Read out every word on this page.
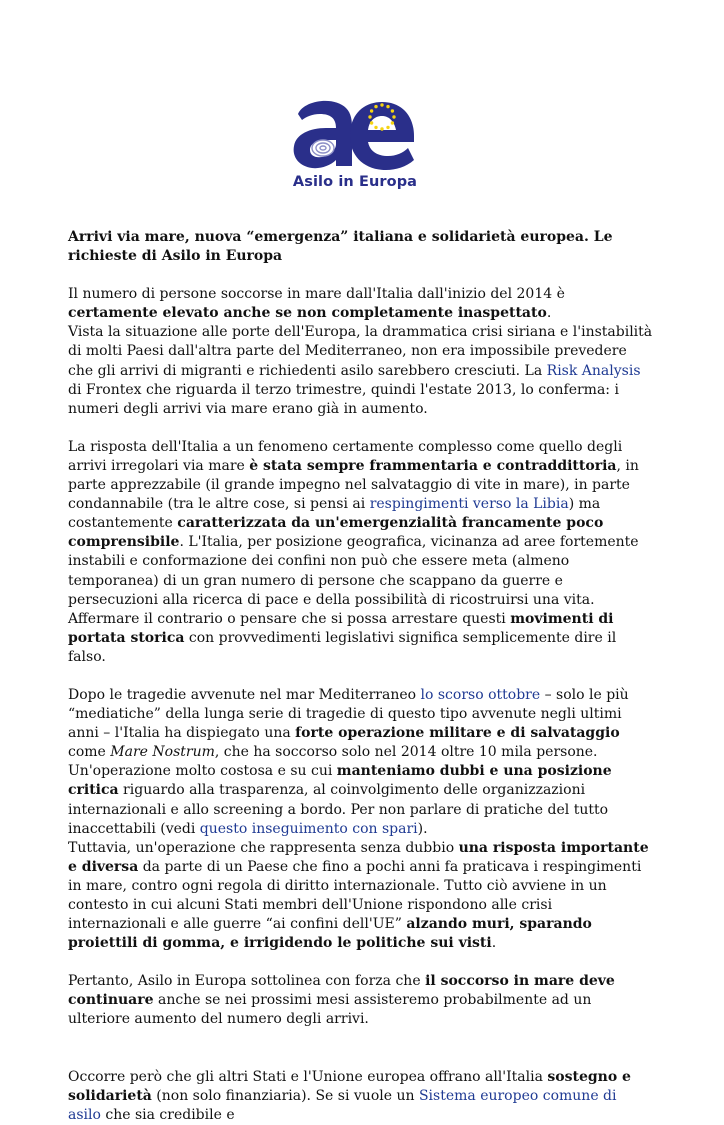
Asilo in Europa

Arrivi via mare, nuova “emergenza” italiana e solidarietà europea. Le richieste di Asilo in Europa

Il numero di persone soccorse in mare dall'Italia dall'inizio del 2014 è certamente elevato anche se non completamente inaspettato.

Vista la situazione alle porte dell'Europa, la drammatica crisi siriana e l'instabilità di molti Paesi dall'altra parte del Mediterraneo, non era impossibile prevedere che gli arrivi di migranti e richiedenti asilo sarebbero cresciuti. La Risk Analysis di Frontex che riguarda il terzo trimestre, quindi l'estate 2013, lo conferma: i numeri degli arrivi via mare erano già in aumento.

La risposta dell'Italia a un fenomeno certamente complesso come quello degli arrivi irregolari via mare è stata sempre frammentaria e contraddittoria, in parte apprezzabile (il grande impegno nel salvataggio di vite in mare), in parte condannabile (tra le altre cose, si pensi ai respingimenti verso la Libia) ma costantemente caratterizzata da un'emergenzialità francamente poco comprensibile. L'Italia, per posizione geografica, vicinanza ad aree fortemente instabili e conformazione dei confini non può che essere meta (almeno temporanea) di un gran numero di persone che scappano da guerre e persecuzioni alla ricerca di pace e della possibilità di ricostruirsi una vita. Affermare il contrario o pensare che si possa arrestare questi movimenti di portata storica con provvedimenti legislativi significa semplicemente dire il falso.

Dopo le tragedie avvenute nel mar Mediterraneo lo scorso ottobre – solo le più “mediatiche” della lunga serie di tragedie di questo tipo avvenute negli ultimi anni – l'Italia ha dispiegato una forte operazione militare e di salvataggio come Mare Nostrum, che ha soccorso solo nel 2014 oltre 10 mila persone.

Un'operazione molto costosa e su cui manteniamo dubbi e una posizione critica riguardo alla trasparenza, al coinvolgimento delle organizzazioni internazionali e allo screening a bordo. Per non parlare di pratiche del tutto inaccettabili (vedi questo inseguimento con spari).

Tuttavia, un'operazione che rappresenta senza dubbio una risposta importante e diversa da parte di un Paese che fino a pochi anni fa praticava i respingimenti in mare, contro ogni regola di diritto internazionale. Tutto ciò avviene in un contesto in cui alcuni Stati membri dell'Unione rispondono alle crisi internazionali e alle guerre “ai confini dell'UE” alzando muri, sparando proiettili di gomma, e irrigidendo le politiche sui visti.

Pertanto, Asilo in Europa sottolinea con forza che il soccorso in mare deve continuare anche se nei prossimi mesi assisteremo probabilmente ad un ulteriore aumento del numero degli arrivi.

Occorre però che gli altri Stati e l'Unione europea offrano all'Italia sostegno e solidarietà (non solo finanziaria). Se si vuole un Sistema europeo comune di asilo che sia credibile e
